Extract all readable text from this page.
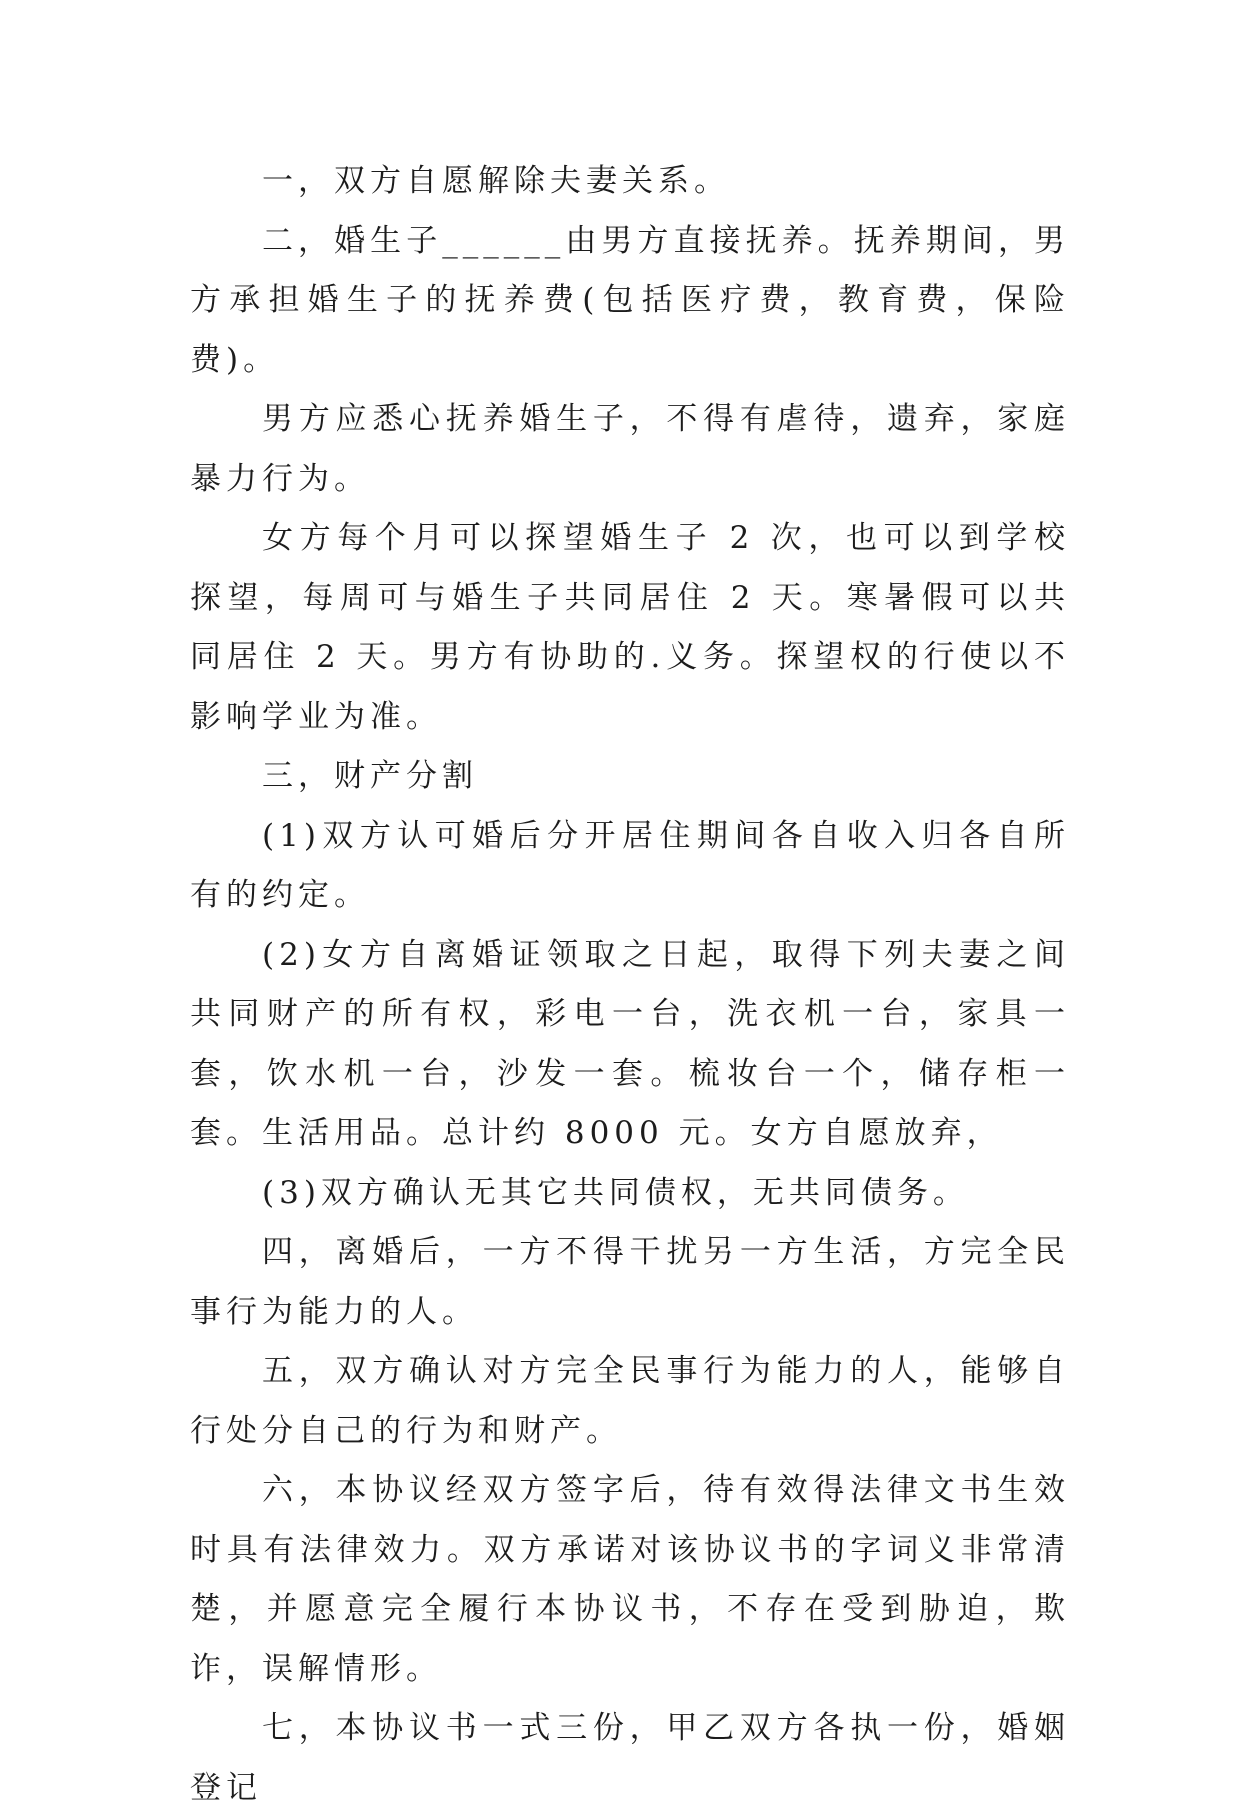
一，双方自愿解除夫妻关系。

二，婚生子______由男方直接抚养。抚养期间，男方承担婚生子的抚养费(包括医疗费，教育费，保险费)。

男方应悉心抚养婚生子，不得有虐待，遗弃，家庭暴力行为。

女方每个月可以探望婚生子 2 次，也可以到学校探望，每周可与婚生子共同居住 2 天。寒暑假可以共同居住 2 天。男方有协助的.义务。探望权的行使以不影响学业为准。

三，财产分割

(1)双方认可婚后分开居住期间各自收入归各自所有的约定。

(2)女方自离婚证领取之日起，取得下列夫妻之间共同财产的所有权，彩电一台，洗衣机一台，家具一套，饮水机一台，沙发一套。梳妆台一个，储存柜一套。生活用品。总计约 8000 元。女方自愿放弃，

(3)双方确认无其它共同债权，无共同债务。

四，离婚后，一方不得干扰另一方生活，方完全民事行为能力的人。

五，双方确认对方完全民事行为能力的人，能够自行处分自己的行为和财产。

六，本协议经双方签字后，待有效得法律文书生效时具有法律效力。双方承诺对该协议书的字词义非常清楚，并愿意完全履行本协议书，不存在受到胁迫，欺诈，误解情形。

七，本协议书一式三份，甲乙双方各执一份，婚姻登记
